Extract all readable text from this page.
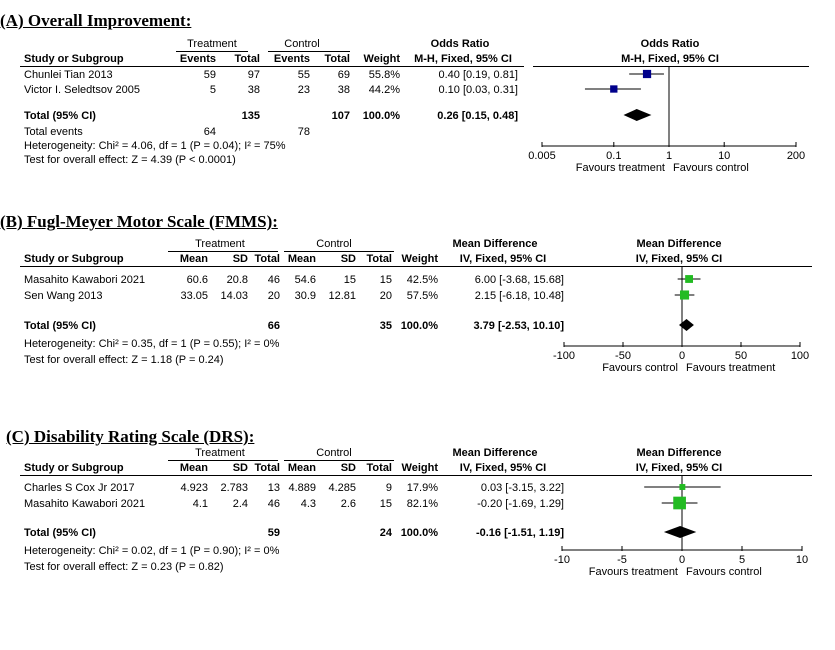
(A) Overall Improvement:
Treatment	Control	Odds Ratio	Odds Ratio
Study or Subgroup	Events	Total	Events	Total	Weight	M-H, Fixed, 95% CI	M-H, Fixed, 95% CI
Chunlei Tian 2013	59	97	55	69	55.8%	0.40 [0.19, 0.81]
Victor I. Seledtsov 2005	5	38	23	38	44.2%	0.10 [0.03, 0.31]
Total (95% CI)	135	107	100.0%	0.26 [0.15, 0.48]
Total events	64	78
Heterogeneity: Chi² = 4.06, df = 1 (P = 0.04); I² = 75%
Test for overall effect: Z = 4.39 (P < 0.0001)	0.005	0.1	1	10	200
Favours treatment Favours control
(B) Fugl-Meyer Motor Scale (FMMS):
Treatment	Control	Mean Difference	Mean Difference
Study or Subgroup	Mean	SD Total Mean	SD Total Weight	IV, Fixed, 95% CI	IV, Fixed, 95% CI
Masahito Kawabori 2021	60.6	20.8	46	54.6	15	15	42.5%	6.00 [-3.68, 15.68]
Sen Wang 2013	33.05	14.03	20	30.9	12.81	20	57.5%	2.15 [-6.18, 10.48]
Total (95% CI)	66	35 100.0%	3.79 [-2.53, 10.10]
Heterogeneity: Chi² = 0.35, df = 1 (P = 0.55); I² = 0%
Test for overall effect: Z = 1.18 (P = 0.24)	-100	-50	0	50	100
Favours control Favours treatment
(C) Disability Rating Scale (DRS):
Treatment	Control	Mean Difference	Mean Difference
Study or Subgroup	Mean	SD Total Mean	SD Total Weight	IV, Fixed, 95% CI	IV, Fixed, 95% CI
Charles S Cox Jr 2017	4.923	2.783	13 4.889	4.285	9	17.9%	0.03 [-3.15, 3.22]
Masahito Kawabori 2021	4.1	2.4	46	4.3	2.6	15	82.1%	-0.20 [-1.69, 1.29]
Total (95% CI)	59	24 100.0%	-0.16 [-1.51, 1.19]
Heterogeneity: Chi² = 0.02, df = 1 (P = 0.90); I² = 0%
Test for overall effect: Z = 0.23 (P = 0.82)
-10	-5	0	5	10
Favours treatment Favours control
